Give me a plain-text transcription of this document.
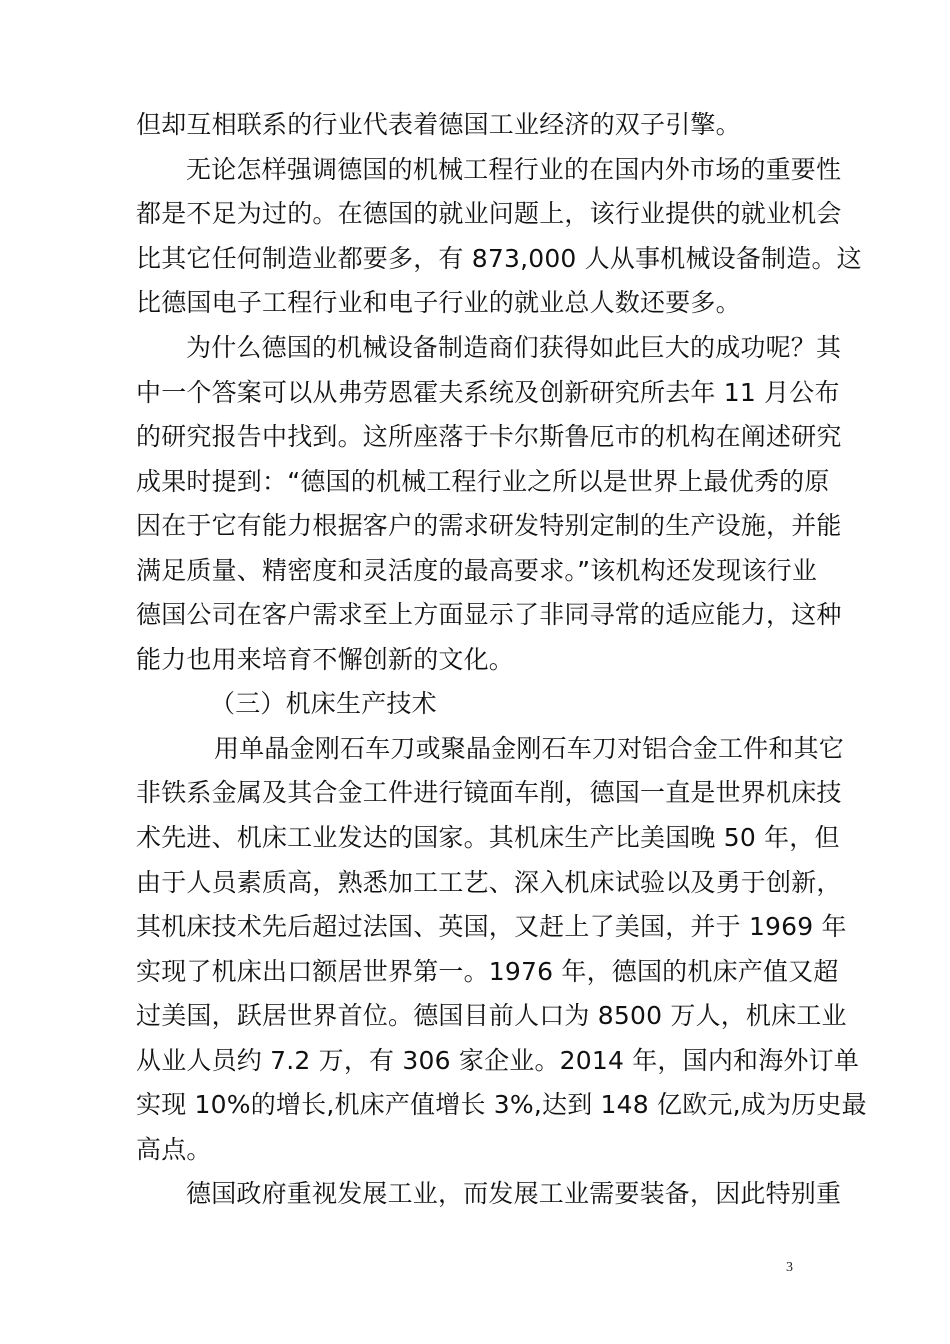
但却互相联系的行业代表着德国工业经济的双子引擎。
无论怎样强调德国的机械工程行业的在国内外市场的重要性
都是不足为过的。在德国的就业问题上，该行业提供的就业机会
比其它任何制造业都要多，有 873,000 人从事机械设备制造。这
比德国电子工程行业和电子行业的就业总人数还要多。
为什么德国的机械设备制造商们获得如此巨大的成功呢？其
中一个答案可以从弗劳恩霍夫系统及创新研究所去年 11 月公布
的研究报告中找到。这所座落于卡尔斯鲁厄市的机构在阐述研究
成果时提到：“德国的机械工程行业之所以是世界上最优秀的原
因在于它有能力根据客户的需求研发特别定制的生产设施，并能
满足质量、精密度和灵活度的最高要求。”该机构还发现该行业
德国公司在客户需求至上方面显示了非同寻常的适应能力，这种
能力也用来培育不懈创新的文化。
（三）机床生产技术
用单晶金刚石车刀或聚晶金刚石车刀对铝合金工件和其它
非铁系金属及其合金工件进行镜面车削，德国一直是世界机床技
术先进、机床工业发达的国家。其机床生产比美国晚 50 年，但
由于人员素质高，熟悉加工工艺、深入机床试验以及勇于创新，
其机床技术先后超过法国、英国，又赶上了美国，并于 1969 年
实现了机床出口额居世界第一。1976 年，德国的机床产值又超
过美国，跃居世界首位。德国目前人口为 8500 万人，机床工业
从业人员约 7.2 万，有 306 家企业。2014 年，国内和海外订单
实现 10%的增长,机床产值增长 3%,达到 148 亿欧元,成为历史最
高点。
德国政府重视发展工业，而发展工业需要装备，因此特别重
3
